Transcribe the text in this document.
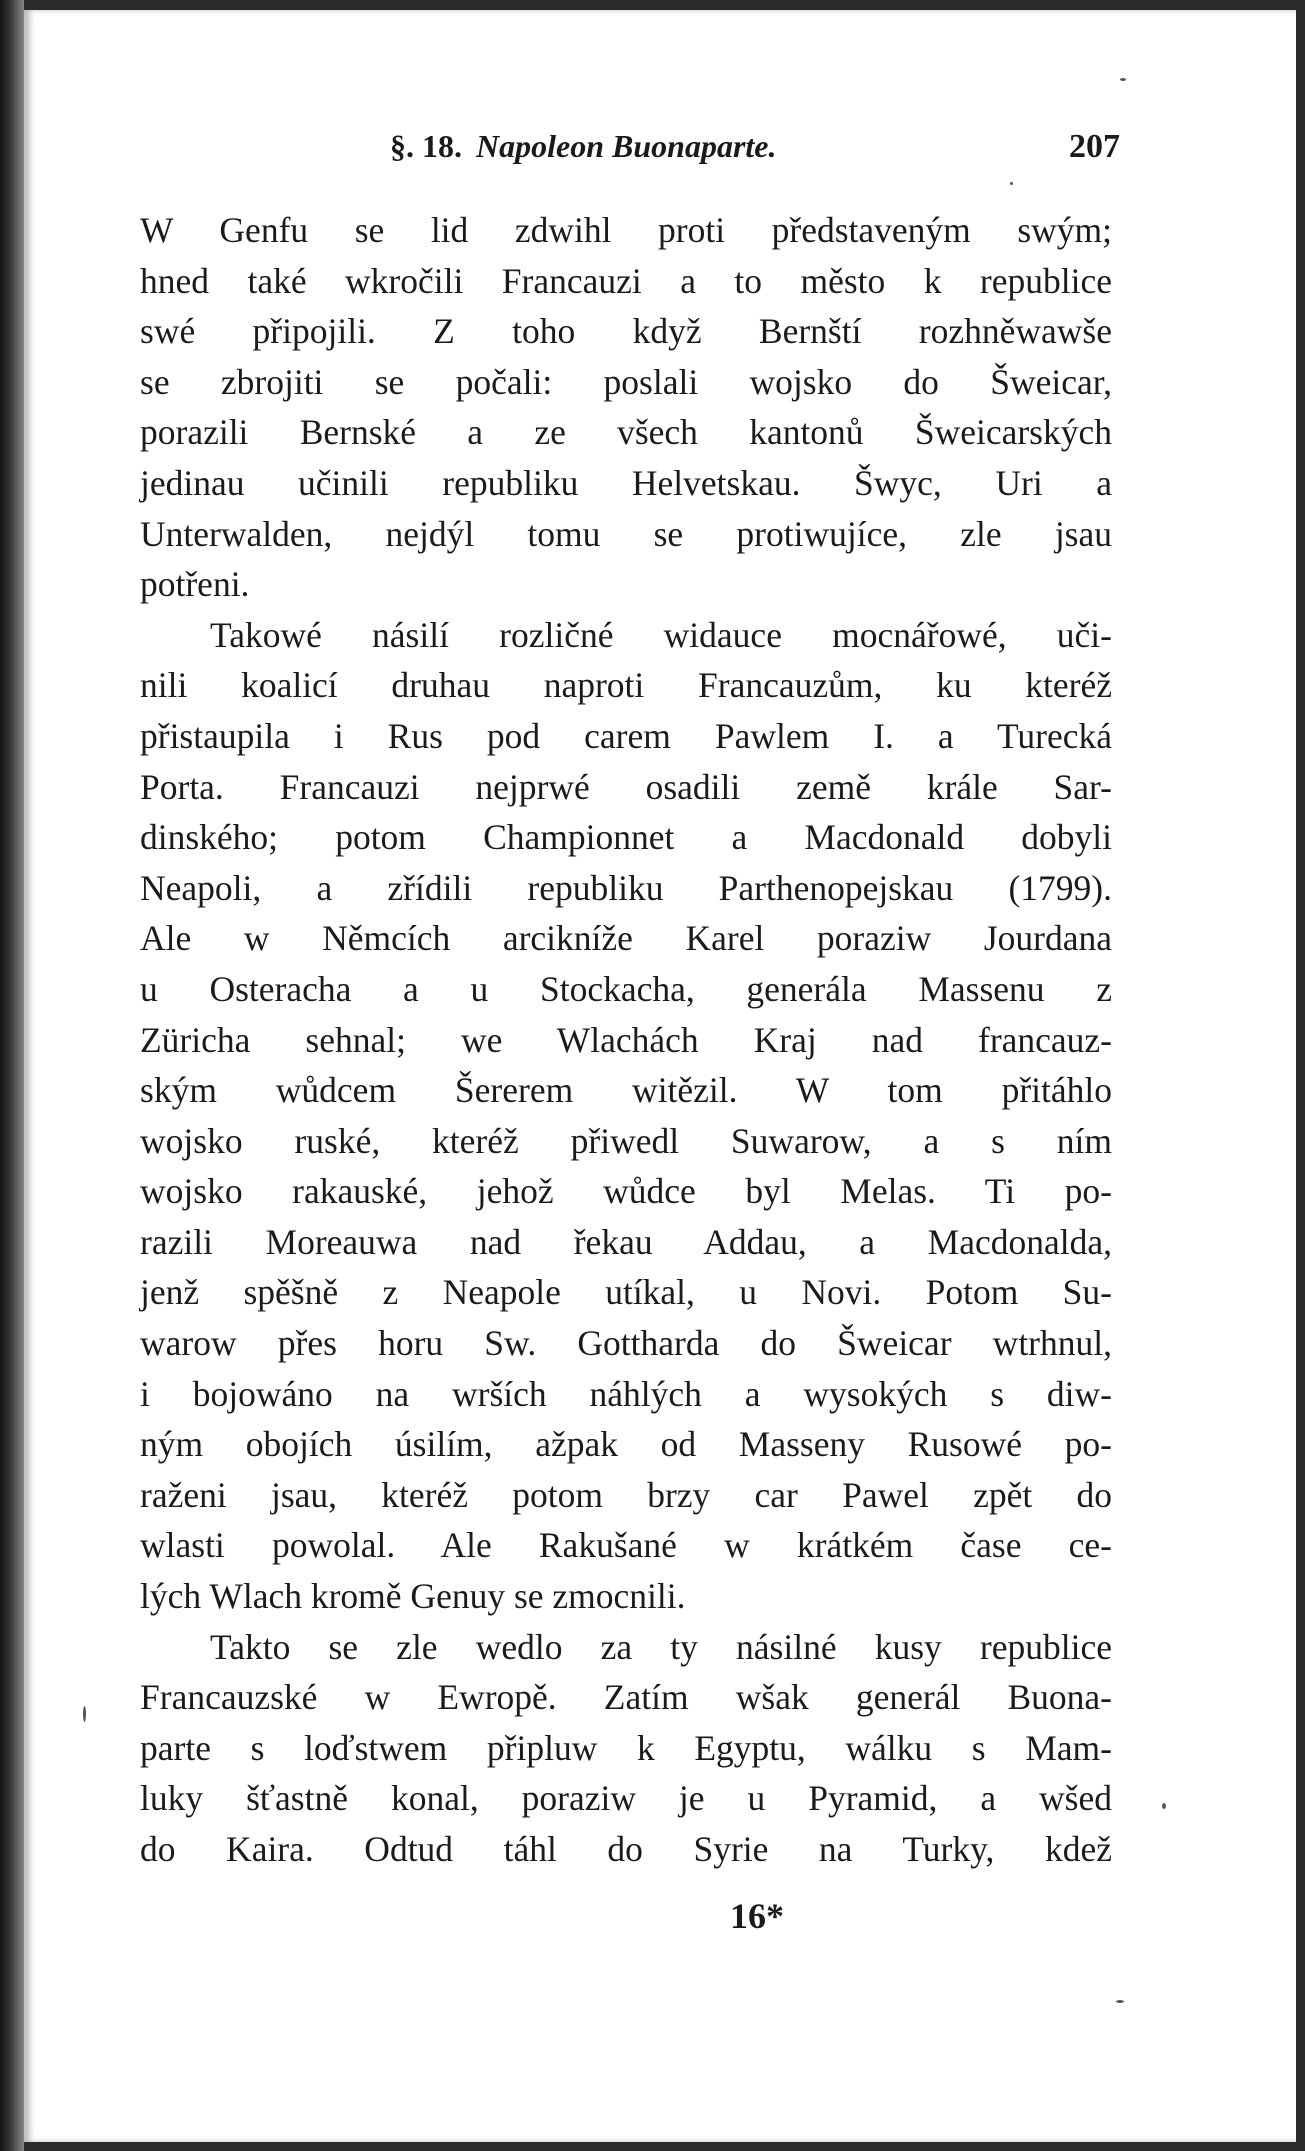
§. 18. Napoleon Buonaparte.	207
W Genfu se lid zdwihl proti představeným swým;
hned také wkročili Francauzi a to město k republice
swé připojili. Z toho když Bernští rozhněwawše
se zbrojiti se počali: poslali wojsko do Šweicar,
porazili Bernské a ze všech kantonů Šweicarských
jedinau učinili republiku Helvetskau. Šwyc, Uri a
Unterwalden, nejdýl tomu se protiwujíce, zle jsau
potřeni.
Takowé násilí rozličné widauce mocnářowé, uči-
nili koalicí druhau naproti Francauzům, ku kteréž
přistaupila i Rus pod carem Pawlem I. a Turecká
Porta. Francauzi nejprwé osadili země krále Sar-
dinského; potom Championnet a Macdonald dobyli
Neapoli, a zřídili republiku Parthenopejskau (1799).
Ale w Němcích arcikníže Karel poraziw Jourdana
u Osteracha a u Stockacha, generála Massenu z
Züricha sehnal; we Wlachách Kraj nad francauz-
ským wůdcem Šererem witězil. W tom přitáhlo
wojsko ruské, kteréž přiwedl Suwarow, a s ním
wojsko rakauské, jehož wůdce byl Melas. Ti po-
razili Moreauwa nad řekau Addau, a Macdonalda,
jenž spěšně z Neapole utíkal, u Novi. Potom Su-
warow přes horu Sw. Gottharda do Šweicar wtrhnul,
i bojowáno na wrších náhlých a wysokých s diw-
ným obojích úsilím, ažpak od Masseny Rusowé po-
raženi jsau, kteréž potom brzy car Pawel zpět do
wlasti powolal. Ale Rakušané w krátkém čase ce-
lých Wlach kromě Genuy se zmocnili.
Takto se zle wedlo za ty násilné kusy republice
Francauzské w Ewropě. Zatím wšak generál Buona-
parte s loďstwem připluw k Egyptu, wálku s Mam-
luky šťastně konal, poraziw je u Pyramid, a wšed
do Kaira. Odtud táhl do Syrie na Turky, kdež
16*
